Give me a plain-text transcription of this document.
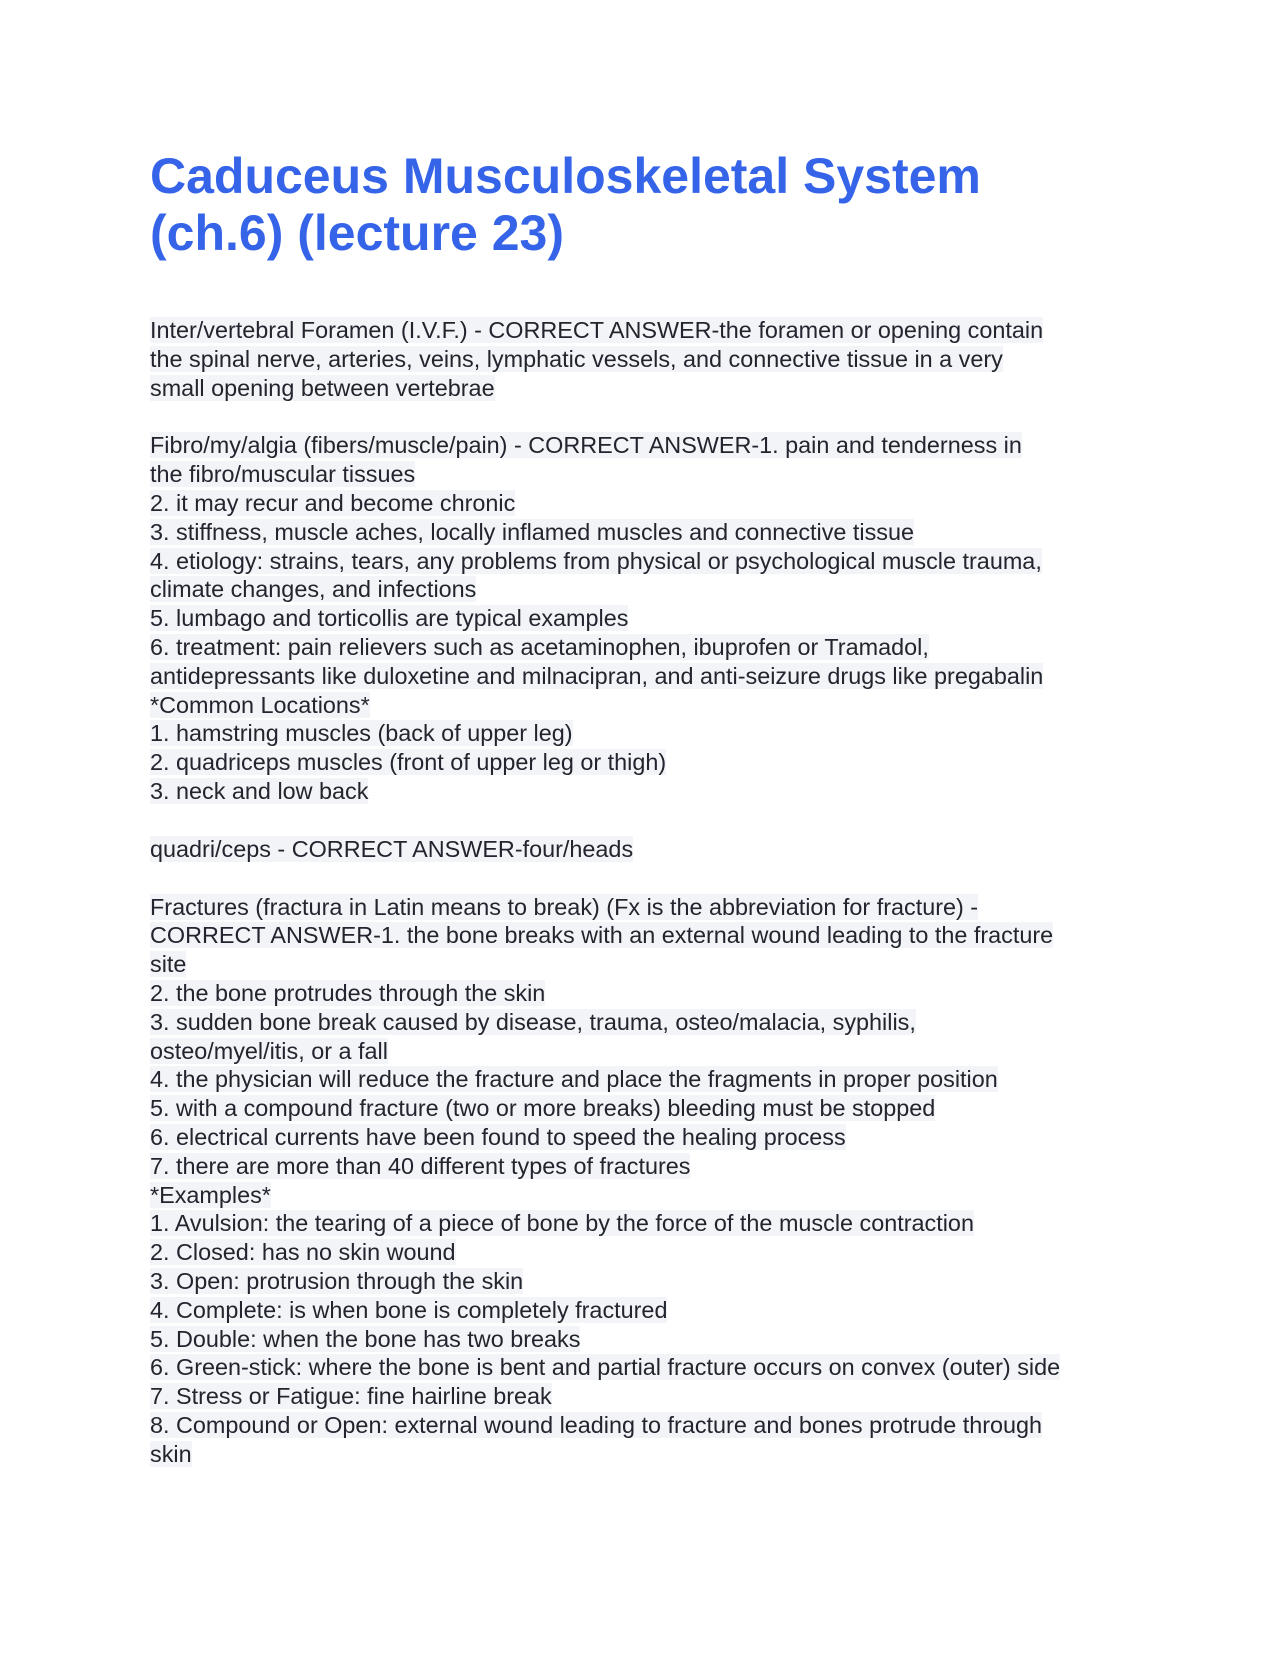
Caduceus Musculoskeletal System
(ch.6) (lecture 23)
Inter/vertebral Foramen (I.V.F.) - CORRECT ANSWER-the foramen or opening contain
the spinal nerve, arteries, veins, lymphatic vessels, and connective tissue in a very
small opening between vertebrae
Fibro/my/algia (fibers/muscle/pain) - CORRECT ANSWER-1. pain and tenderness in
the fibro/muscular tissues
2. it may recur and become chronic
3. stiffness, muscle aches, locally inflamed muscles and connective tissue
4. etiology: strains, tears, any problems from physical or psychological muscle trauma,
climate changes, and infections
5. lumbago and torticollis are typical examples
6. treatment: pain relievers such as acetaminophen, ibuprofen or Tramadol,
antidepressants like duloxetine and milnacipran, and anti-seizure drugs like pregabalin
*Common Locations*
1. hamstring muscles (back of upper leg)
2. quadriceps muscles (front of upper leg or thigh)
3. neck and low back
quadri/ceps - CORRECT ANSWER-four/heads
Fractures (fractura in Latin means to break) (Fx is the abbreviation for fracture) -
CORRECT ANSWER-1. the bone breaks with an external wound leading to the fracture
site
2. the bone protrudes through the skin
3. sudden bone break caused by disease, trauma, osteo/malacia, syphilis,
osteo/myel/itis, or a fall
4. the physician will reduce the fracture and place the fragments in proper position
5. with a compound fracture (two or more breaks) bleeding must be stopped
6. electrical currents have been found to speed the healing process
7. there are more than 40 different types of fractures
*Examples*
1. Avulsion: the tearing of a piece of bone by the force of the muscle contraction
2. Closed: has no skin wound
3. Open: protrusion through the skin
4. Complete: is when bone is completely fractured
5. Double: when the bone has two breaks
6. Green-stick: where the bone is bent and partial fracture occurs on convex (outer) side
7. Stress or Fatigue: fine hairline break
8. Compound or Open: external wound leading to fracture and bones protrude through
skin
